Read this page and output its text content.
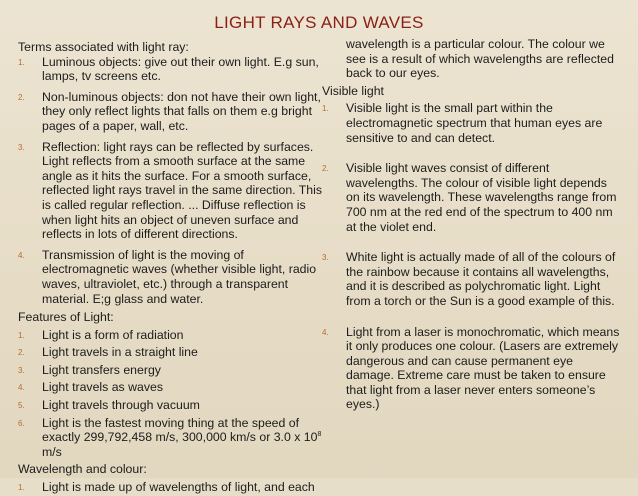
LIGHT RAYS AND WAVES

Terms associated with light ray:

1. Luminous objects: give out their own light. E.g sun, lamps, tv screens etc.
2. Non-luminous objects: don not have their own light, they only reflect lights that falls on them e.g bright pages of a paper, wall, etc.
3. Reflection: light rays can be reflected by surfaces. Light reflects from a smooth surface at the same angle as it hits the surface. For a smooth surface, reflected light rays travel in the same direction. This is called regular reflection. ... Diffuse reflection is when light hits an object of uneven surface and reflects in lots of different directions.
4. Transmission of light is the moving of electromagnetic waves (whether visible light, radio waves, ultraviolet, etc.) through a transparent material. E;g glass and water.

Features of Light:

1. Light is a form of radiation
2. Light travels in a straight line
3. Light transfers energy
4. Light travels as waves
5. Light travels through vacuum
6. Light is the fastest moving thing at the speed of exactly 299,792,458 m/s, 300,000 km/s or 3.0 x $10^8$ m/s

Wavelength and colour:

1. Light is made up of wavelengths of light, and each

wavelength is a particular colour. The colour we see is a result of which wavelengths are reflected back to our eyes.

Visible light

1. Visible light is the small part within the electromagnetic spectrum that human eyes are sensitive to and can detect.
2. Visible light waves consist of different wavelengths. The colour of visible light depends on its wavelength. These wavelengths range from 700 nm at the red end of the spectrum to 400 nm at the violet end.
3. White light is actually made of all of the colours of the rainbow because it contains all wavelengths, and it is described as polychromatic light. Light from a torch or the Sun is a good example of this.
4. Light from a laser is monochromatic, which means it only produces one colour. (Lasers are extremely dangerous and can cause permanent eye damage. Extreme care must be taken to ensure that light from a laser never enters someone’s eyes.)
